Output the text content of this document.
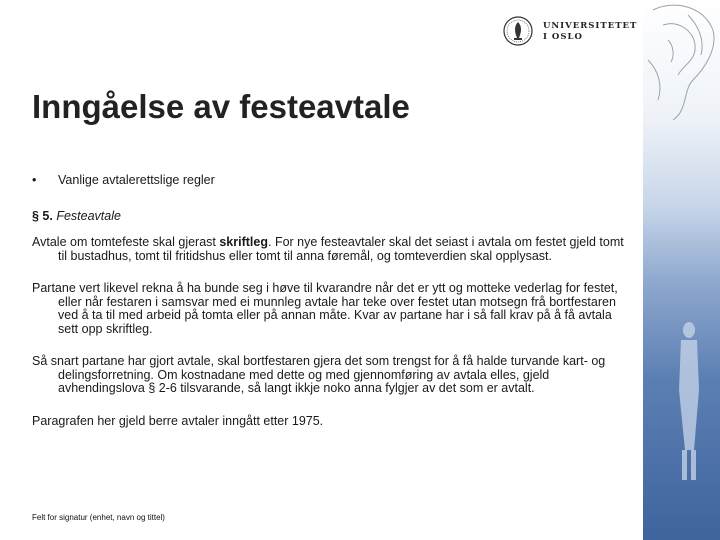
UNIVERSITETET
I OSLO
Inngåelse av festeavtale
•	Vanlige avtalerettslige regler
§ 5. Festeavtale

Avtale om tomtefeste skal gjerast skriftleg. For nye festeavtaler skal det seiast i avtala om festet gjeld tomt til bustadhus, tomt til fritidshus eller tomt til anna føremål, og tomteverdien skal opplysast.

Partane vert likevel rekna å ha bunde seg i høve til kvarandre når det er ytt og motteke vederlag for festet, eller når festaren i samsvar med ei munnleg avtale har teke over festet utan motsegn frå bortfestaren ved å ta til med arbeid på tomta eller på annan måte. Kvar av partane har i så fall krav på å få avtala sett opp skriftleg.

Så snart partane har gjort avtale, skal bortfestaren gjera det som trengst for å få halde turvande kart- og delingsforretning. Om kostnadane med dette og med gjennomføring av avtala elles, gjeld avhendingslova § 2-6 tilsvarande, så langt ikkje noko anna fylgjer av det som er avtalt.

Paragrafen her gjeld berre avtaler inngått etter 1975.

Felt for signatur (enhet, navn og tittel)
